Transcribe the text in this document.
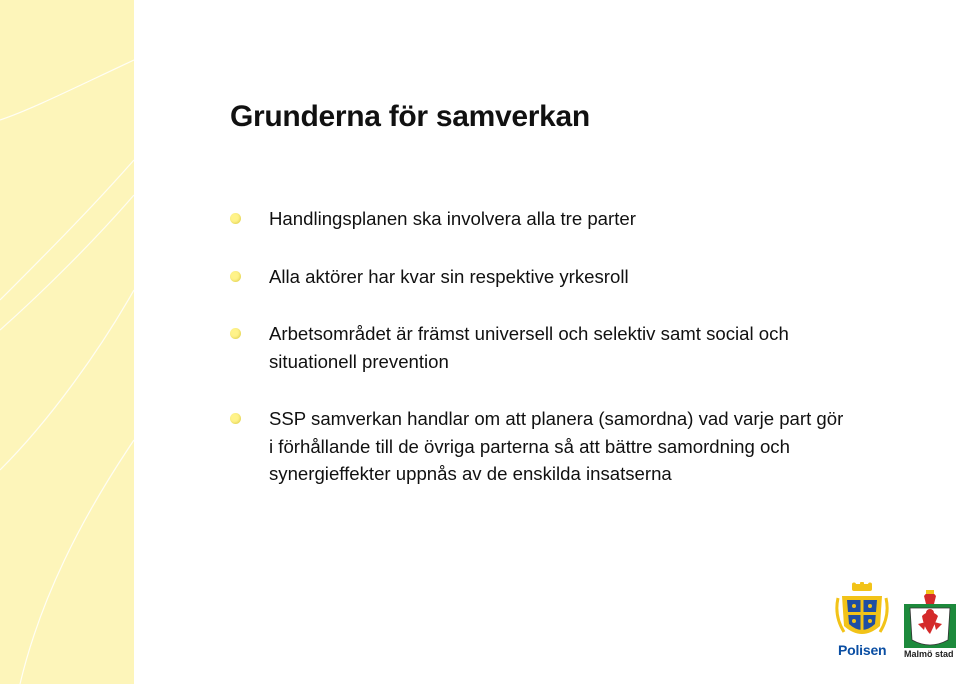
Grunderna för samverkan
Handlingsplanen ska involvera alla tre parter
Alla aktörer har kvar sin respektive yrkesroll
Arbetsområdet är främst universell och selektiv samt social och situationell prevention
SSP samverkan handlar om att planera (samordna) vad varje part gör i förhållande till de övriga parterna så att bättre samordning och synergieffekter uppnås av de enskilda insatserna
Polisen Malmö stad
